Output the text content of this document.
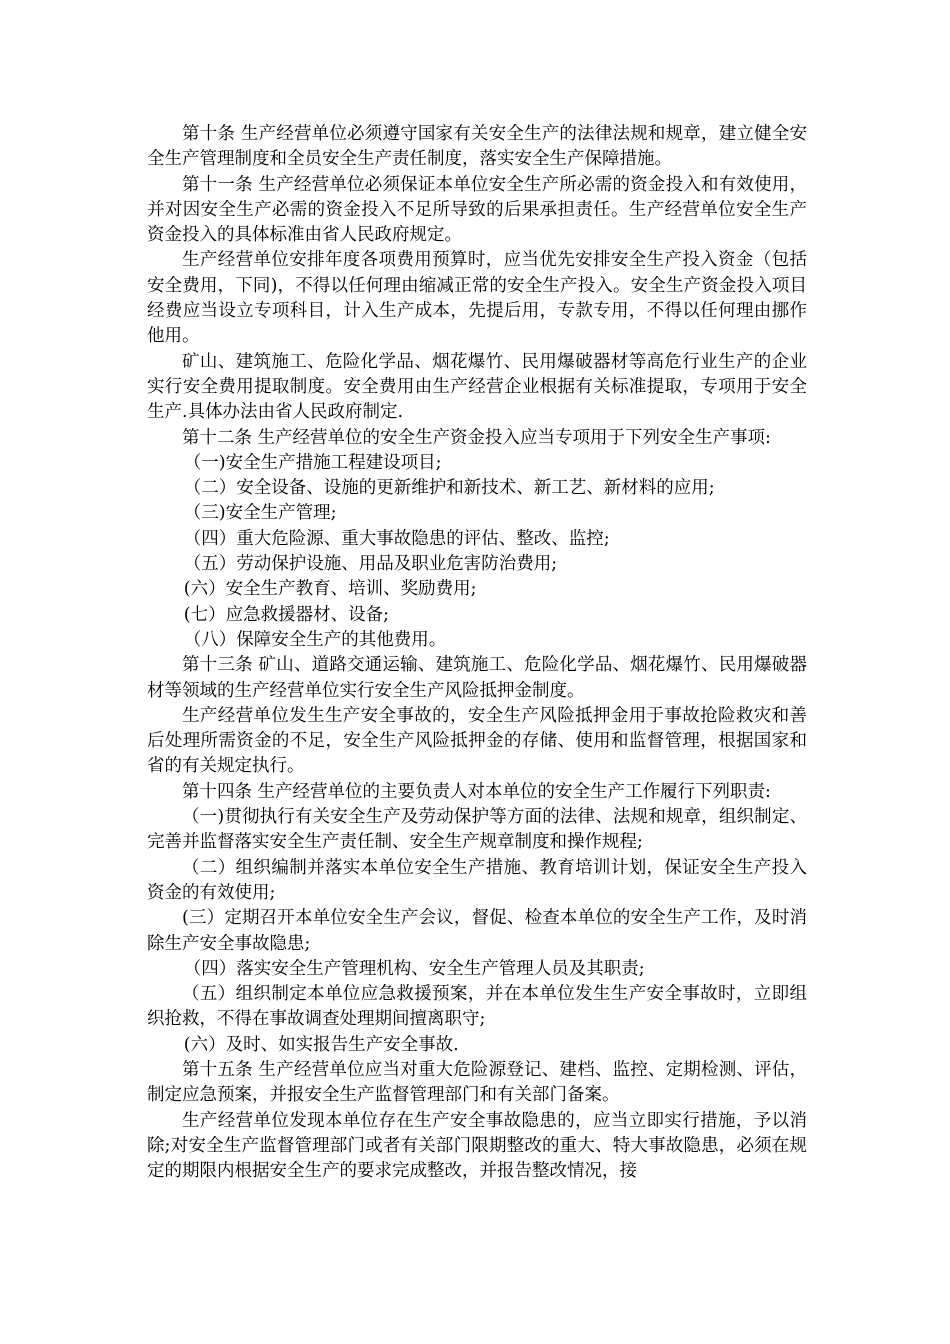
第十条 生产经营单位必须遵守国家有关安全生产的法律法规和规章，建立健全安全生产管理制度和全员安全生产责任制度，落实安全生产保障措施。

第十一条 生产经营单位必须保证本单位安全生产所必需的资金投入和有效使用，并对因安全生产必需的资金投入不足所导致的后果承担责任。生产经营单位安全生产资金投入的具体标准由省人民政府规定。

生产经营单位安排年度各项费用预算时，应当优先安排安全生产投入资金（包括安全费用，下同)，不得以任何理由缩减正常的安全生产投入。安全生产资金投入项目经费应当设立专项科目，计入生产成本，先提后用，专款专用，不得以任何理由挪作他用。

矿山、建筑施工、危险化学品、烟花爆竹、民用爆破器材等高危行业生产的企业实行安全费用提取制度。安全费用由生产经营企业根据有关标准提取，专项用于安全生产.具体办法由省人民政府制定.

第十二条 生产经营单位的安全生产资金投入应当专项用于下列安全生产事项:

（一)安全生产措施工程建设项目;

（二）安全设备、设施的更新维护和新技术、新工艺、新材料的应用;

（三)安全生产管理;

（四）重大危险源、重大事故隐患的评估、整改、监控;

（五）劳动保护设施、用品及职业危害防治费用;

(六）安全生产教育、培训、奖励费用;

(七）应急救援器材、设备;

（八）保障安全生产的其他费用。

第十三条 矿山、道路交通运输、建筑施工、危险化学品、烟花爆竹、民用爆破器材等领域的生产经营单位实行安全生产风险抵押金制度。

生产经营单位发生生产安全事故的，安全生产风险抵押金用于事故抢险救灾和善后处理所需资金的不足，安全生产风险抵押金的存储、使用和监督管理，根据国家和省的有关规定执行。

第十四条 生产经营单位的主要负责人对本单位的安全生产工作履行下列职责:

（一)贯彻执行有关安全生产及劳动保护等方面的法律、法规和规章，组织制定、完善并监督落实安全生产责任制、安全生产规章制度和操作规程;

（二）组织编制并落实本单位安全生产措施、教育培训计划，保证安全生产投入资金的有效使用;

(三）定期召开本单位安全生产会议，督促、检查本单位的安全生产工作，及时消除生产安全事故隐患;

（四）落实安全生产管理机构、安全生产管理人员及其职责;

（五）组织制定本单位应急救援预案，并在本单位发生生产安全事故时，立即组织抢救，不得在事故调查处理期间擅离职守;

(六）及时、如实报告生产安全事故.

第十五条 生产经营单位应当对重大危险源登记、建档、监控、定期检测、评估，制定应急预案，并报安全生产监督管理部门和有关部门备案。

生产经营单位发现本单位存在生产安全事故隐患的，应当立即实行措施，予以消除;对安全生产监督管理部门或者有关部门限期整改的重大、特大事故隐患，必须在规定的期限内根据安全生产的要求完成整改，并报告整改情况，接
